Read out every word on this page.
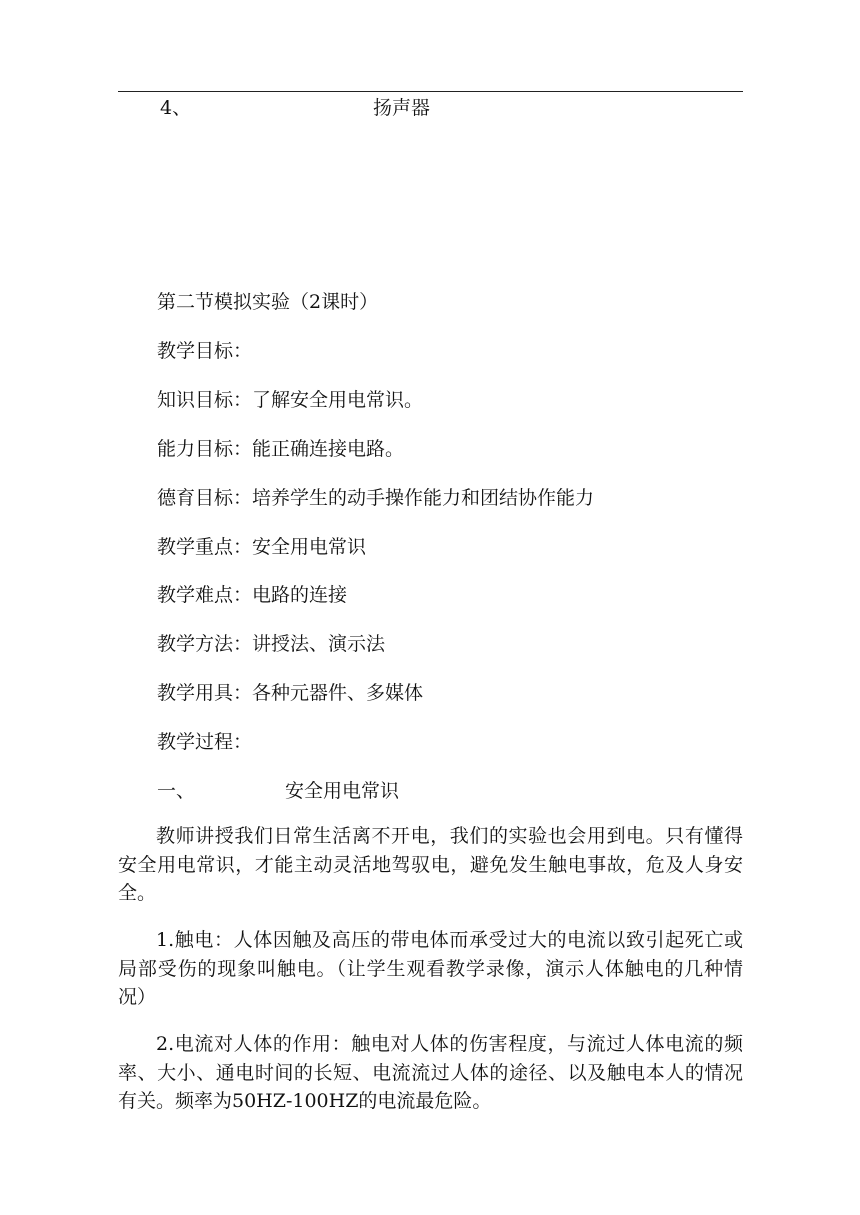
4、	扬声器
第二节模拟实验（2课时）
教学目标：
知识目标：了解安全用电常识。
能力目标：能正确连接电路。
德育目标：培养学生的动手操作能力和团结协作能力
教学重点：安全用电常识
教学难点：电路的连接
教学方法：讲授法、演示法
教学用具：各种元器件、多媒体
教学过程：
一、	安全用电常识
教师讲授我们日常生活离不开电，我们的实验也会用到电。只有懂得安全用电常识，才能主动灵活地驾驭电，避免发生触电事故，危及人身安全。
1.触电：人体因触及高压的带电体而承受过大的电流以致引起死亡或局部受伤的现象叫触电。（让学生观看教学录像，演示人体触电的几种情况）
2.电流对人体的作用：触电对人体的伤害程度，与流过人体电流的频率、大小、通电时间的长短、电流流过人体的途径、以及触电本人的情况有关。频率为50HZ-100HZ的电流最危险。
